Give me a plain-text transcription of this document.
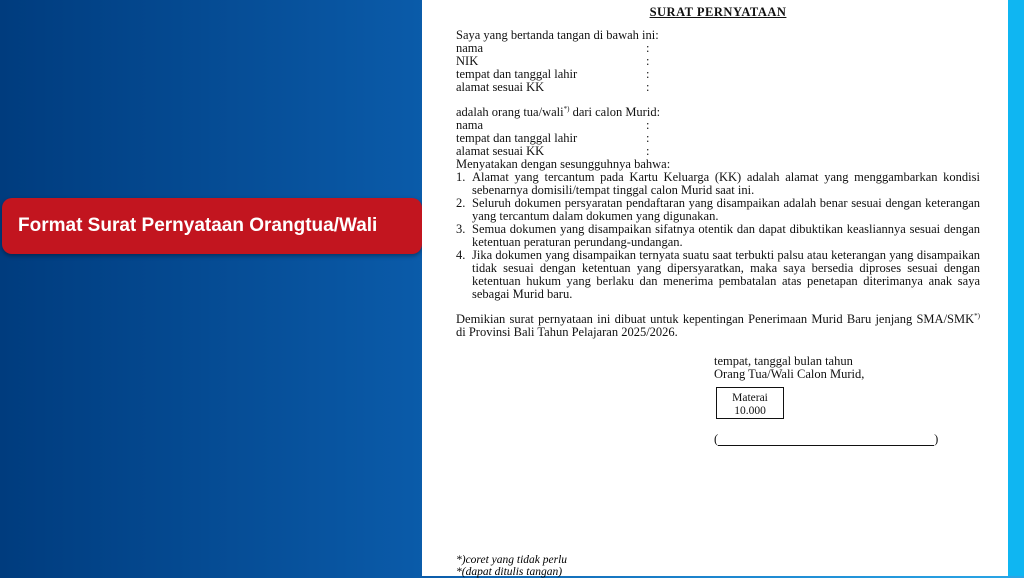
Format Surat Pernyataan Orangtua/Wali
SURAT PERNYATAAN
Saya yang bertanda tangan di bawah ini:
nama	:
NIK	:
tempat dan tanggal lahir	:
alamat sesuai KK	:
adalah orang tua/wali*) dari calon Murid:
nama	:
tempat dan tanggal lahir	:
alamat sesuai KK	:
Menyatakan dengan sesungguhnya bahwa:
1. Alamat yang tercantum pada Kartu Keluarga (KK) adalah alamat yang menggambarkan kondisi sebenarnya domisili/tempat tinggal calon Murid saat ini.
2. Seluruh dokumen persyaratan pendaftaran yang disampaikan adalah benar sesuai dengan keterangan yang tercantum dalam dokumen yang digunakan.
3. Semua dokumen yang disampaikan sifatnya otentik dan dapat dibuktikan keasliannya sesuai dengan ketentuan peraturan perundang-undangan.
4. Jika dokumen yang disampaikan ternyata suatu saat terbukti palsu atau keterangan yang disampaikan tidak sesuai dengan ketentuan yang dipersyaratkan, maka saya bersedia diproses sesuai dengan ketentuan hukum yang berlaku dan menerima pembatalan atas penetapan diterimanya anak saya sebagai Murid baru.
Demikian surat pernyataan ini dibuat untuk kepentingan Penerimaan Murid Baru jenjang SMA/SMK*) di Provinsi Bali Tahun Pelajaran 2025/2026.
tempat, tanggal bulan tahun
Orang Tua/Wali Calon Murid,
Materai
10.000
(	)
*)coret yang tidak perlu
*(dapat ditulis tangan)
